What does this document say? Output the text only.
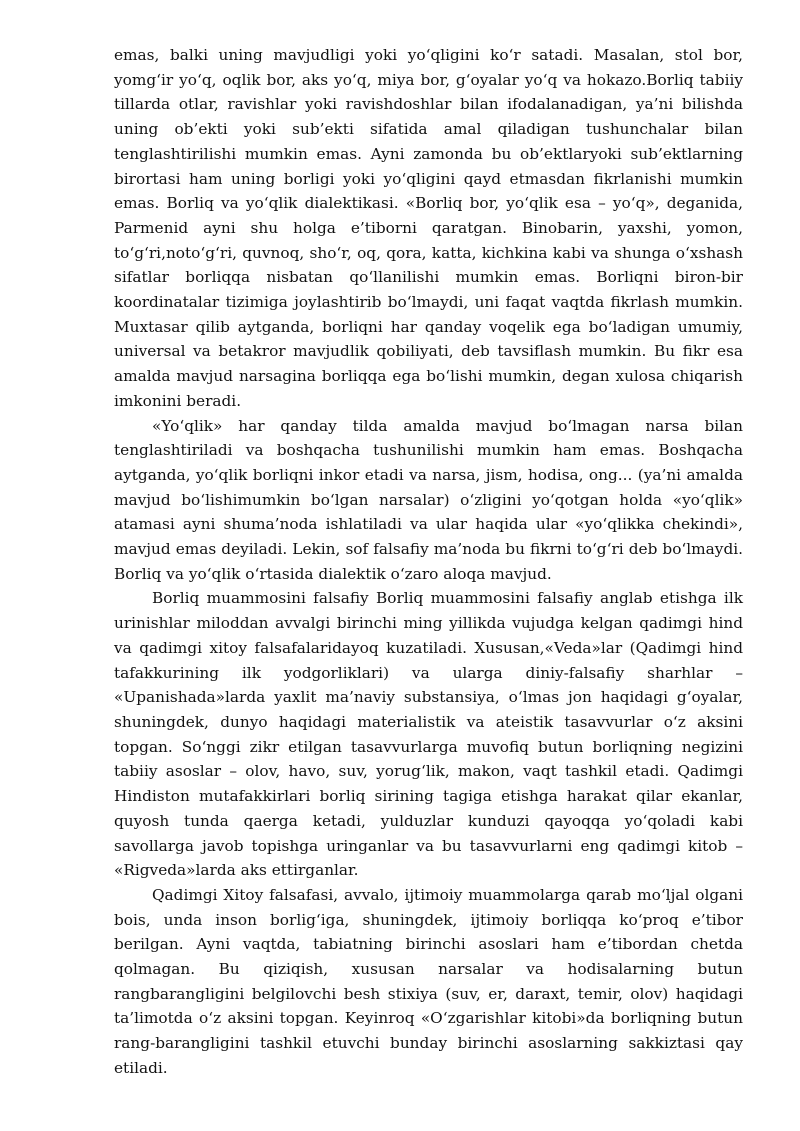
emas, balki uning mavjudligi yoki yo‘qligini ko‘r satadi. Masalan, stol bor, yomg‘ir yo‘q, oqlik bor, aks yo‘q, miya bor, g‘oyalar yo‘q va hokazo.Borliq tabiiy tillarda otlar, ravishlar yoki ravishdoshlar bilan ifodalanadigan, ya’ni bilishda uning ob’ekti yoki sub’ekti sifatida amal qiladigan tushunchalar bilan tenglashtirilishi mumkin emas. Ayni zamonda bu ob’ektlaryoki sub’ektlarning birortasi ham uning borligi yoki yo‘qligini qayd etmasdan fikrlanishi mumkin emas. Borliq va yo‘qlik dialektikasi. «Borliq bor, yo‘qlik esa – yo‘q», deganida, Parmenid ayni shu holga e’tiborni qaratgan. Binobarin, yaxshi, yomon, to‘g‘ri,noto‘g‘ri, quvnoq, sho‘r, oq, qora, katta, kichkina kabi va shunga o‘xshash sifatlar borliqqa nisbatan qo‘llanilishi mumkin emas. Borliqni biron-bir koordinatalar tizimiga joylashtirib bo‘lmaydi, uni faqat vaqtda fikrlash mumkin. Muxtasar qilib aytganda, borliqni har qanday voqelik ega bo‘ladigan umumiy, universal va betakror mavjudlik qobiliyati, deb tavsiflash mumkin. Bu fikr esa amalda mavjud narsagina borliqqa ega bo‘lishi mumkin, degan xulosa chiqarish imkonini beradi.

«Yo‘qlik» har qanday tilda amalda mavjud bo‘lmagan narsa bilan tenglashtiriladi va boshqacha tushunilishi mumkin ham emas. Boshqacha aytganda, yo‘qlik borliqni inkor etadi va narsa, jism, hodisa, ong... (ya’ni amalda mavjud bo‘lishimumkin bo‘lgan narsalar) o‘zligini yo‘qotgan holda «yo‘qlik» atamasi ayni shuma’noda ishlatiladi va ular haqida ular «yo‘qlikka chekindi», mavjud emas deyiladi. Lekin, sof falsafiy ma’noda bu fikrni to‘g‘ri deb bo‘lmaydi. Borliq va yo‘qlik o‘rtasida dialektik o‘zaro aloqa mavjud.

Borliq muammosini falsafiy Borliq muammosini falsafiy anglab etishga ilk urinishlar miloddan avvalgi birinchi ming yillikda vujudga kelgan qadimgi hind va qadimgi xitoy falsafalaridayoq kuzatiladi. Xususan,«Veda»lar (Qadimgi hind tafakkurining ilk yodgorliklari) va ularga diniy-falsafiy sharhlar – «Upanishada»larda yaxlit ma’naviy substansiya, o‘lmas jon haqidagi g‘oyalar, shuningdek, dunyo haqidagi materialistik va ateistik tasavvurlar o‘z aksini topgan. So‘nggi zikr etilgan tasavvurlarga muvofiq butun borliqning negizini tabiiy asoslar – olov, havo, suv, yorug‘lik, makon, vaqt tashkil etadi. Qadimgi Hindiston mutafakkirlari borliq sirining tagiga etishga harakat qilar ekanlar, quyosh tunda qaerga ketadi, yulduzlar kunduzi qayoqqa yo‘qoladi kabi savollarga javob topishga uringanlar va bu tasavvurlarni eng qadimgi kitob – «Rigveda»larda aks ettirganlar.

Qadimgi Xitoy falsafasi, avvalo, ijtimoiy muammolarga qarab mo‘ljal olgani bois, unda inson borlig‘iga, shuningdek, ijtimoiy borliqqa ko‘proq e’tibor berilgan. Ayni vaqtda, tabiatning birinchi asoslari ham e’tibordan chetda qolmagan. Bu qiziqish, xususan narsalar va hodisalarning butun rangbarangligini belgilovchi besh stixiya (suv, er, daraxt, temir, olov) haqidagi ta’limotda o‘z aksini topgan. Keyinroq «O‘zgarishlar kitobi»da borliqning butun rang-barangligini tashkil etuvchi bunday birinchi asoslarning sakkiztasi qay etiladi.
